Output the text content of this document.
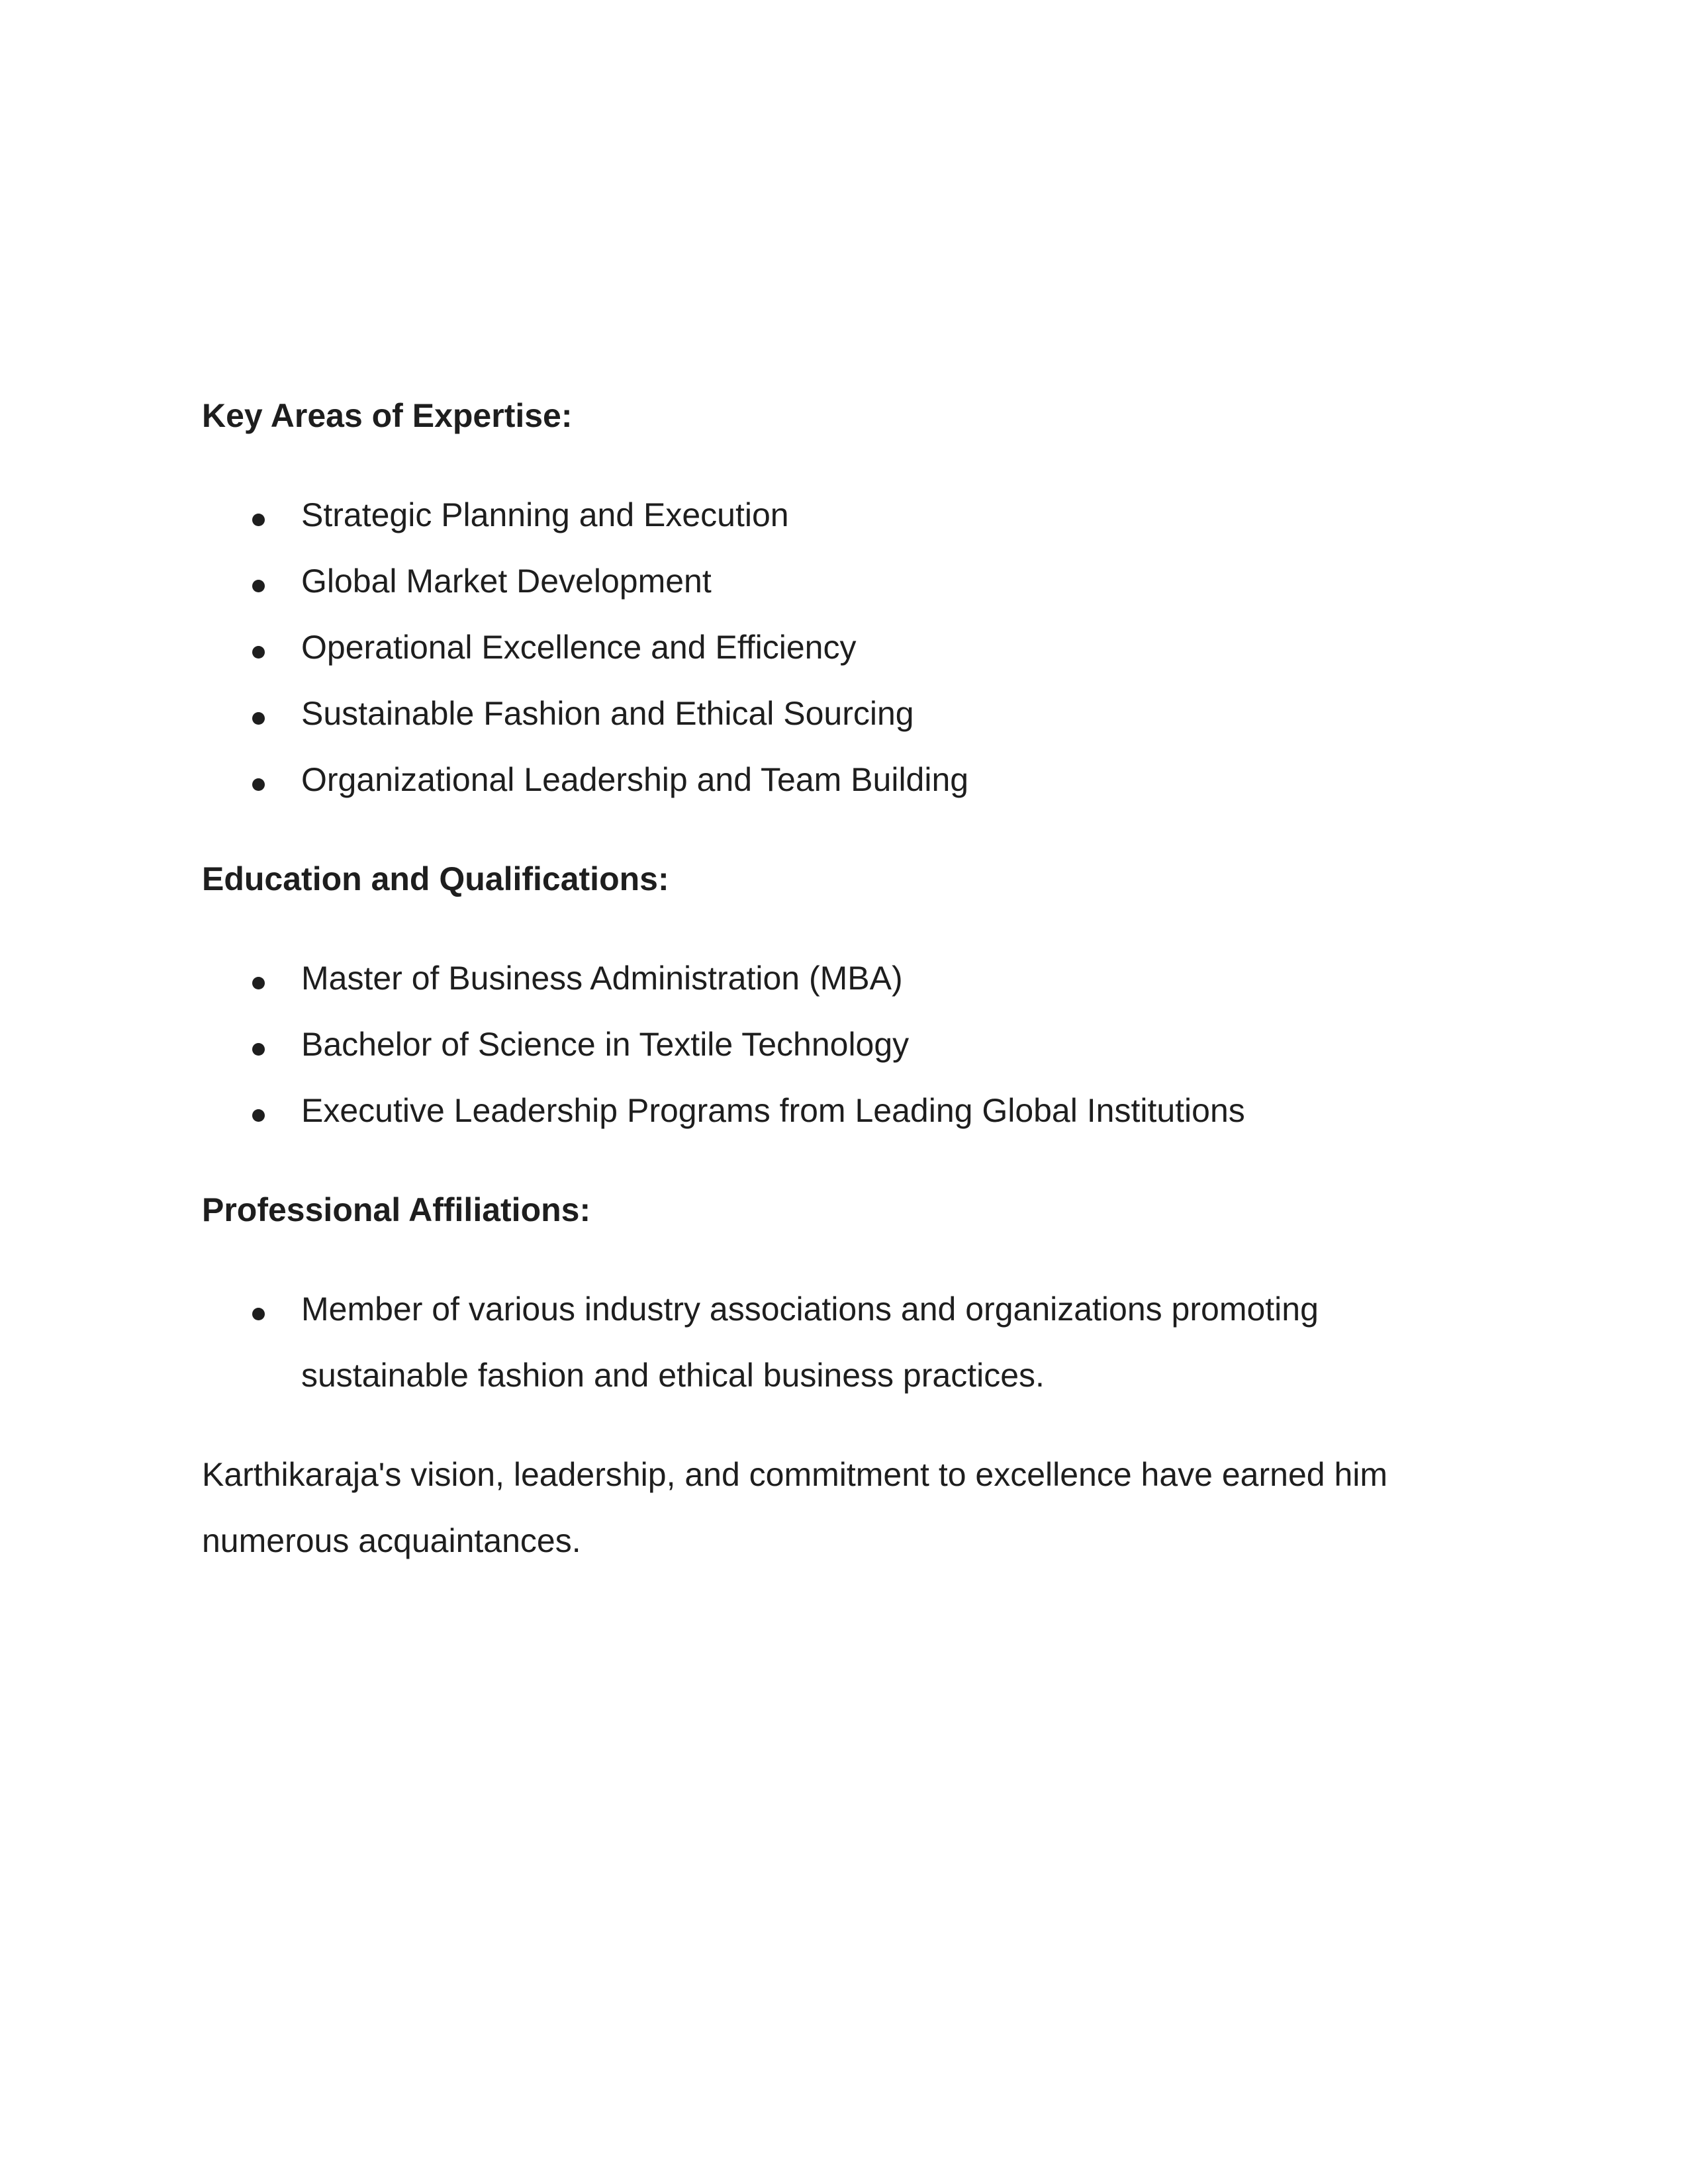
Key Areas of Expertise:
Strategic Planning and Execution
Global Market Development
Operational Excellence and Efficiency
Sustainable Fashion and Ethical Sourcing
Organizational Leadership and Team Building
Education and Qualifications:
Master of Business Administration (MBA)
Bachelor of Science in Textile Technology
Executive Leadership Programs from Leading Global Institutions
Professional Affiliations:
Member of various industry associations and organizations promoting sustainable fashion and ethical business practices.

Karthikaraja's vision, leadership, and commitment to excellence have earned him numerous acquaintances.
